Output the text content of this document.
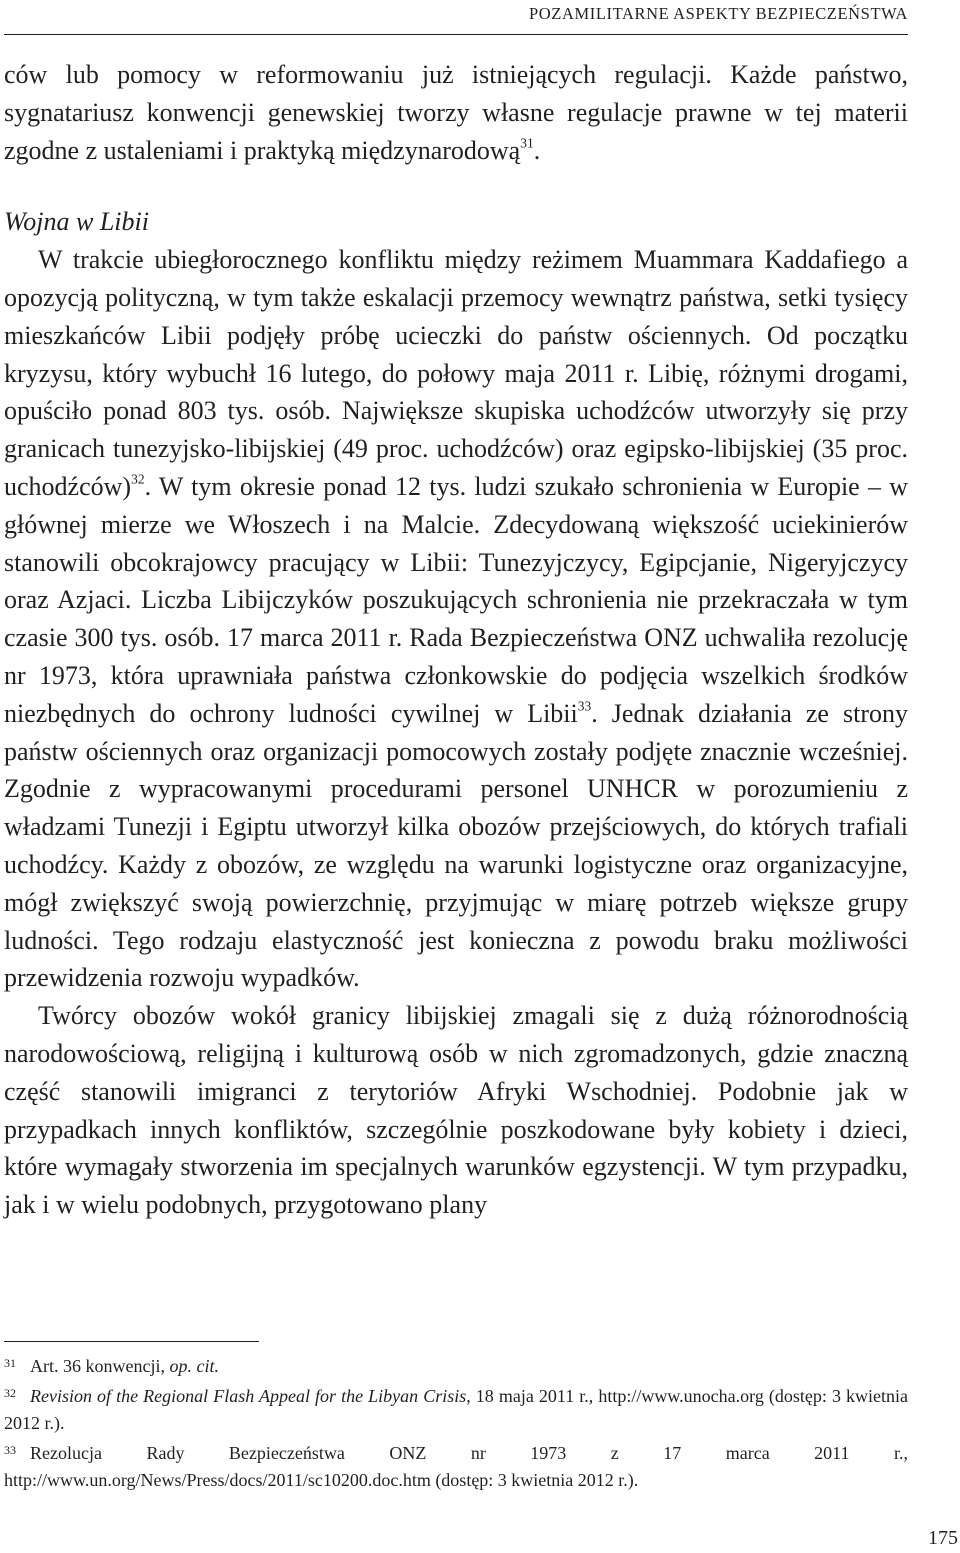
POZAMILITARNE ASPEKTY BEZPIECZEŃSTWA

ców lub pomocy w reformowaniu już istniejących regulacji. Każde państwo, sygnatariusz konwencji genewskiej tworzy własne regulacje prawne w tej materii zgodne z ustaleniami i praktyką międzynarodową$^{31}$.

Wojna w Libii

W trakcie ubiegłorocznego konfliktu między reżimem Muammara Kaddafiego a opozycją polityczną, w tym także eskalacji przemocy wewnątrz państwa, setki tysięcy mieszkańców Libii podjęły próbę ucieczki do państw ościennych. Od początku kryzysu, który wybuchł 16 lutego, do połowy maja 2011 r. Libię, różnymi drogami, opuściło ponad 803 tys. osób. Największe skupiska uchodźców utworzyły się przy granicach tunezyjsko-libijskiej (49 proc. uchodźców) oraz egipsko-libijskiej (35 proc. uchodźców)$^{32}$. W tym okresie ponad 12 tys. ludzi szukało schronienia w Europie – w głównej mierze we Włoszech i na Malcie. Zdecydowaną większość uciekinierów stanowili obcokrajowcy pracujący w Libii: Tunezyjczycy, Egipcjanie, Nigeryjczycy oraz Azjaci. Liczba Libijczyków poszukujących schronienia nie przekraczała w tym czasie 300 tys. osób. 17 marca 2011 r. Rada Bezpieczeństwa ONZ uchwaliła rezolucję nr 1973, która uprawniała państwa członkowskie do podjęcia wszelkich środków niezbędnych do ochrony ludności cywilnej w Libii$^{33}$. Jednak działania ze strony państw ościennych oraz organizacji pomocowych zostały podjęte znacznie wcześniej. Zgodnie z wypracowanymi procedurami personel UNHCR w porozumieniu z władzami Tunezji i Egiptu utworzył kilka obozów przejściowych, do których trafiali uchodźcy. Każdy z obozów, ze względu na warunki logistyczne oraz organizacyjne, mógł zwiększyć swoją powierzchnię, przyjmując w miarę potrzeb większe grupy ludności. Tego rodzaju elastyczność jest konieczna z powodu braku możliwości przewidzenia rozwoju wypadków.

Twórcy obozów wokół granicy libijskiej zmagali się z dużą różnorodnością narodowościową, religijną i kulturową osób w nich zgromadzonych, gdzie znaczną część stanowili imigranci z terytoriów Afryki Wschodniej. Podobnie jak w przypadkach innych konfliktów, szczególnie poszkodowane były kobiety i dzieci, które wymagały stworzenia im specjalnych warunków egzystencji. W tym przypadku, jak i w wielu podobnych, przygotowano plany

31 Art. 36 konwencji, op. cit.

32 Revision of the Regional Flash Appeal for the Libyan Crisis, 18 maja 2011 r., http://www.unocha.org (dostęp: 3 kwietnia 2012 r.).

33 Rezolucja Rady Bezpieczeństwa ONZ nr 1973 z 17 marca 2011 r., http://www.un.org/News/Press/docs/2011/sc10200.doc.htm (dostęp: 3 kwietnia 2012 r.).

175
